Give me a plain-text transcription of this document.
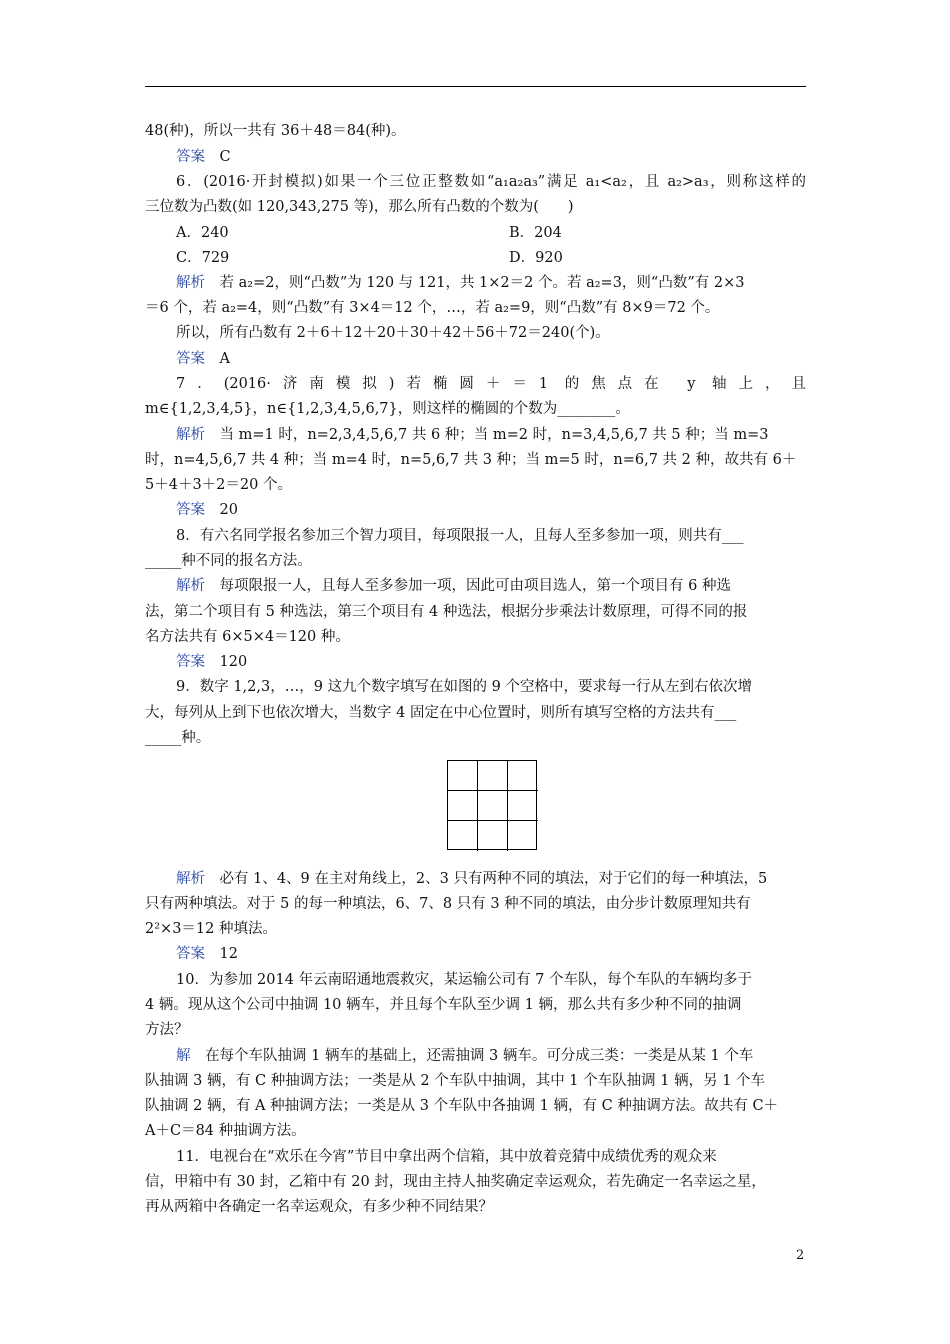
48(种)，所以一共有 36＋48＝84(种)。
答案　 C
6．(2016·开封模拟)如果一个三位正整数如“a₁a₂a₃”满足 a₁<a₂，且 a₂>a₃，则称这样的
三位数为凸数(如 120,343,275 等)，那么所有凸数的个数为(　　)
A．240	B．204
C．729	D．920
解析　 若 a₂=2，则“凸数”为 120 与 121，共 1×2＝2 个。若 a₂=3，则“凸数”有 2×3
＝6 个，若 a₂=4，则“凸数”有 3×4＝12 个，…，若 a₂=9，则“凸数”有 8×9＝72 个。
所以，所有凸数有 2＋6＋12＋20＋30＋42＋56＋72＝240(个)。
答案　 A
7．(2016·济南模拟)若椭圆＋＝1 的焦点在 y 轴上，且
m∈{1,2,3,4,5}，n∈{1,2,3,4,5,6,7}，则这样的椭圆的个数为________。
解析　 当 m=1 时，n=2,3,4,5,6,7 共 6 种；当 m=2 时，n=3,4,5,6,7 共 5 种；当 m=3
时，n=4,5,6,7 共 4 种；当 m=4 时，n=5,6,7 共 3 种；当 m=5 时，n=6,7 共 2 种，故共有 6＋
5＋4＋3＋2＝20 个。
答案　 20
8．有六名同学报名参加三个智力项目，每项限报一人，且每人至多参加一项，则共有___
_____种不同的报名方法。
解析　 每项限报一人，且每人至多参加一项，因此可由项目选人，第一个项目有 6 种选
法，第二个项目有 5 种选法，第三个项目有 4 种选法，根据分步乘法计数原理，可得不同的报
名方法共有 6×5×4＝120 种。
答案　 120
9．数字 1,2,3，…，9 这九个数字填写在如图的 9 个空格中，要求每一行从左到右依次增
大，每列从上到下也依次增大，当数字 4 固定在中心位置时，则所有填写空格的方法共有___
_____种。
解析　 必有 1、4、9 在主对角线上，2、3 只有两种不同的填法，对于它们的每一种填法，5
只有两种填法。对于 5 的每一种填法，6、7、8 只有 3 种不同的填法，由分步计数原理知共有
2²×3＝12 种填法。
答案　 12
10．为参加 2014 年云南昭通地震救灾，某运输公司有 7 个车队，每个车队的车辆均多于
4 辆。现从这个公司中抽调 10 辆车，并且每个车队至少调 1 辆，那么共有多少种不同的抽调
方法？
解　 在每个车队抽调 1 辆车的基础上，还需抽调 3 辆车。可分成三类：一类是从某 1 个车
队抽调 3 辆，有 C 种抽调方法；一类是从 2 个车队中抽调，其中 1 个车队抽调 1 辆，另 1 个车
队抽调 2 辆，有 A 种抽调方法；一类是从 3 个车队中各抽调 1 辆，有 C 种抽调方法。故共有 C＋
A＋C＝84 种抽调方法。
11．电视台在“欢乐在今宵”节目中拿出两个信箱，其中放着竞猜中成绩优秀的观众来
信，甲箱中有 30 封，乙箱中有 20 封，现由主持人抽奖确定幸运观众，若先确定一名幸运之星，
再从两箱中各确定一名幸运观众，有多少种不同结果？
2
